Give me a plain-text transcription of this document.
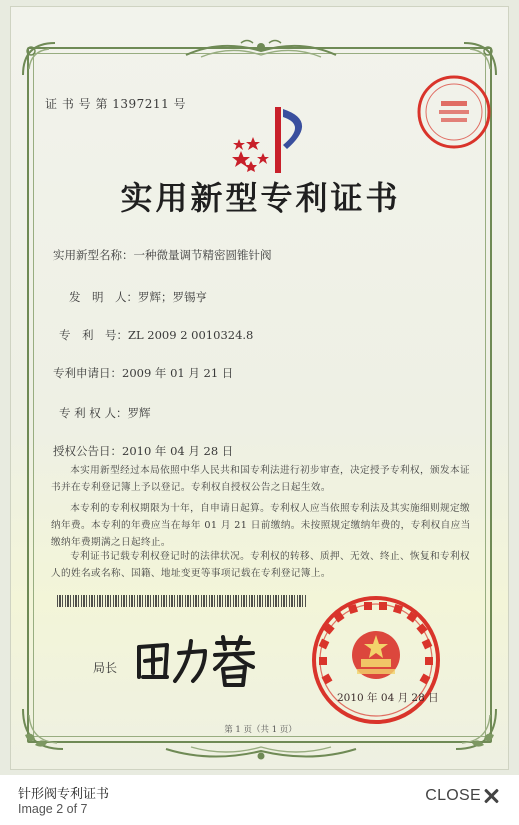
证 书 号 第 1397211 号
实用新型专利证书
实用新型名称：一种微量调节精密圆锥针阀
发　明　人：罗辉；罗锡亨
专　利　号：ZL 2009 2 0010324.8
专利申请日：2009 年 01 月 21 日
专 利 权 人：罗辉
授权公告日：2010 年 04 月 28 日

本实用新型经过本局依照中华人民共和国专利法进行初步审查，决定授予专利权，颁发本证书并在专利登记簿上予以登记。专利权自授权公告之日起生效。

本专利的专利权期限为十年，自申请日起算。专利权人应当依照专利法及其实施细则规定缴纳年费。本专利的年费应当在每年 01 月 21 日前缴纳。未按照规定缴纳年费的，专利权自应当缴纳年费期满之日起终止。

专利证书记载专利权登记时的法律状况。专利权的转移、质押、无效、终止、恢复和专利权人的姓名或名称、国籍、地址变更等事项记载在专利登记簿上。

局长
2010 年 04 月 28 日
第 1 页（共 1 页）
针形阀专利证书
Image 2 of 7
CLOSE
